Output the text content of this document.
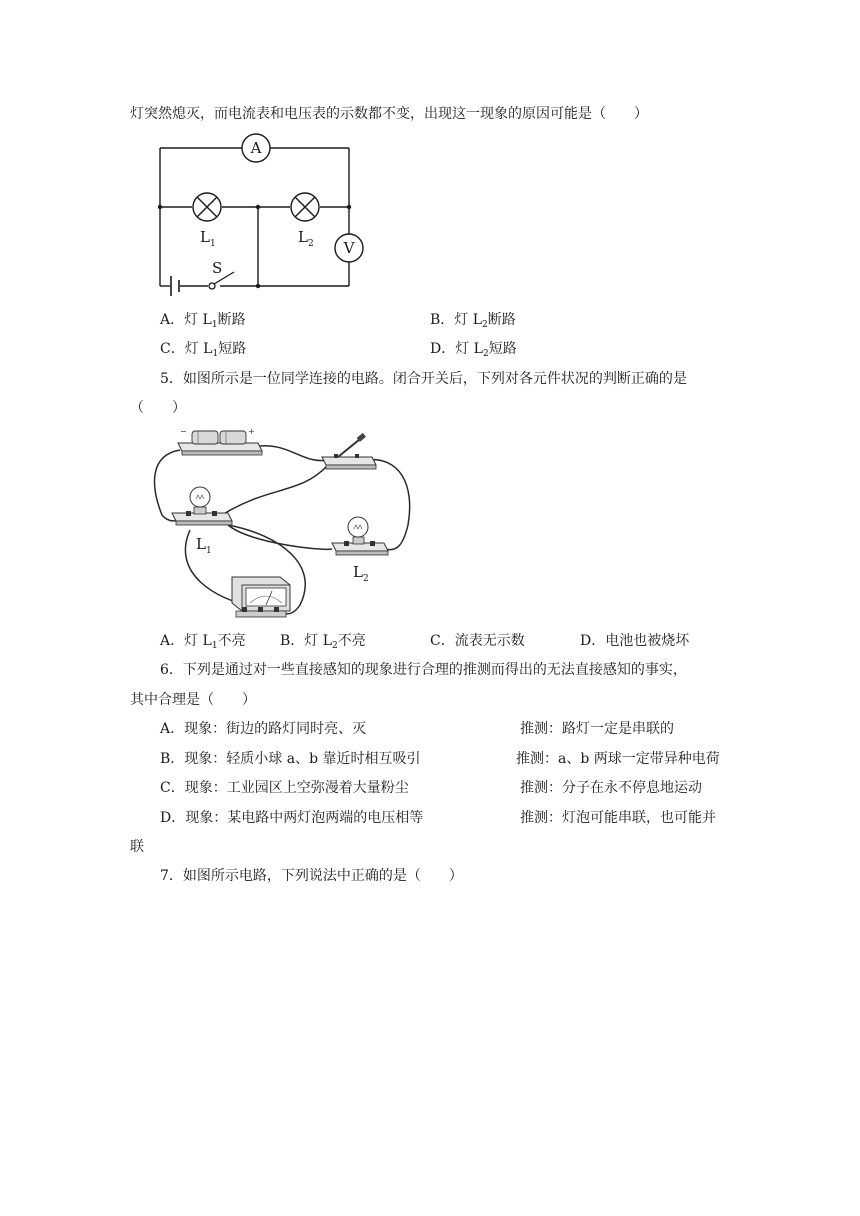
灯突然熄灭，而电流表和电压表的示数都不变，出现这一现象的原因可能是（　　）
A
V
$L_1$	$L_2$
S
A．灯 $L_1$断路	B．灯 $L_2$断路
C．灯 $L_1$短路	D．灯 $L_2$短路
5．如图所示是一位同学连接的电路。闭合开关后，下列对各元件状况的判断正确的是
（　　）
−	+
$L_1$
$L_2$
A．灯 $L_1$不亮 B．灯 $L_2$不亮	C．流表无示数	D．电池也被烧坏
6．下列是通过对一些直接感知的现象进行合理的推测而得出的无法直接感知的事实，
其中合理是（　　）
A．现象：街边的路灯同时亮、灭	推测：路灯一定是串联的
B．现象：轻质小球 a、b 靠近时相互吸引	推测：a、b 两球一定带异种电荷
C．现象：工业园区上空弥漫着大量粉尘	推测：分子在永不停息地运动
D．现象：某电路中两灯泡两端的电压相等	推测：灯泡可能串联，也可能并
联
7．如图所示电路，下列说法中正确的是（　　）
